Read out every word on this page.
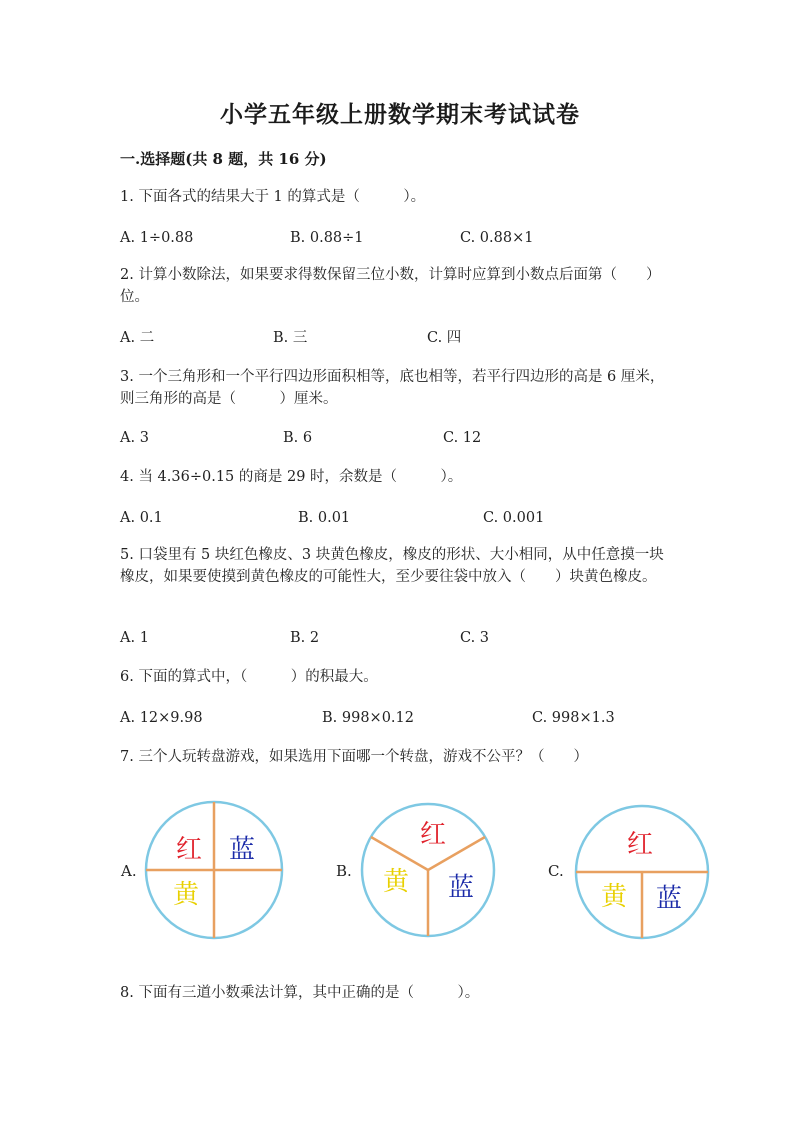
小学五年级上册数学期末考试试卷
一.选择题(共 8 题，共 16 分)
1. 下面各式的结果大于 1 的算式是（　　　）。
A. 1÷0.88	B. 0.88÷1	C. 0.88×1
2. 计算小数除法，如果要求得数保留三位小数，计算时应算到小数点后面第（　　）位。
A. 二	B. 三	C. 四
3. 一个三角形和一个平行四边形面积相等，底也相等，若平行四边形的高是 6 厘米，则三角形的高是（　　　）厘米。
A. 3	B. 6	C. 12
4. 当 4.36÷0.15 的商是 29 时，余数是（　　　）。
A. 0.1	B. 0.01	C. 0.001
5. 口袋里有 5 块红色橡皮、3 块黄色橡皮，橡皮的形状、大小相同，从中任意摸一块橡皮，如果要使摸到黄色橡皮的可能性大，至少要往袋中放入（　　）块黄色橡皮。
A. 1	B. 2	C. 3
6. 下面的算式中，（　　　）的积最大。
A. 12×9.98	B. 998×0.12	C. 998×1.3
7. 三个人玩转盘游戏，如果选用下面哪一个转盘，游戏不公平？（　　）
A.	B.	C.
红 蓝
黄
红
黄 蓝
红
黄 蓝
8. 下面有三道小数乘法计算，其中正确的是（　　　）。
